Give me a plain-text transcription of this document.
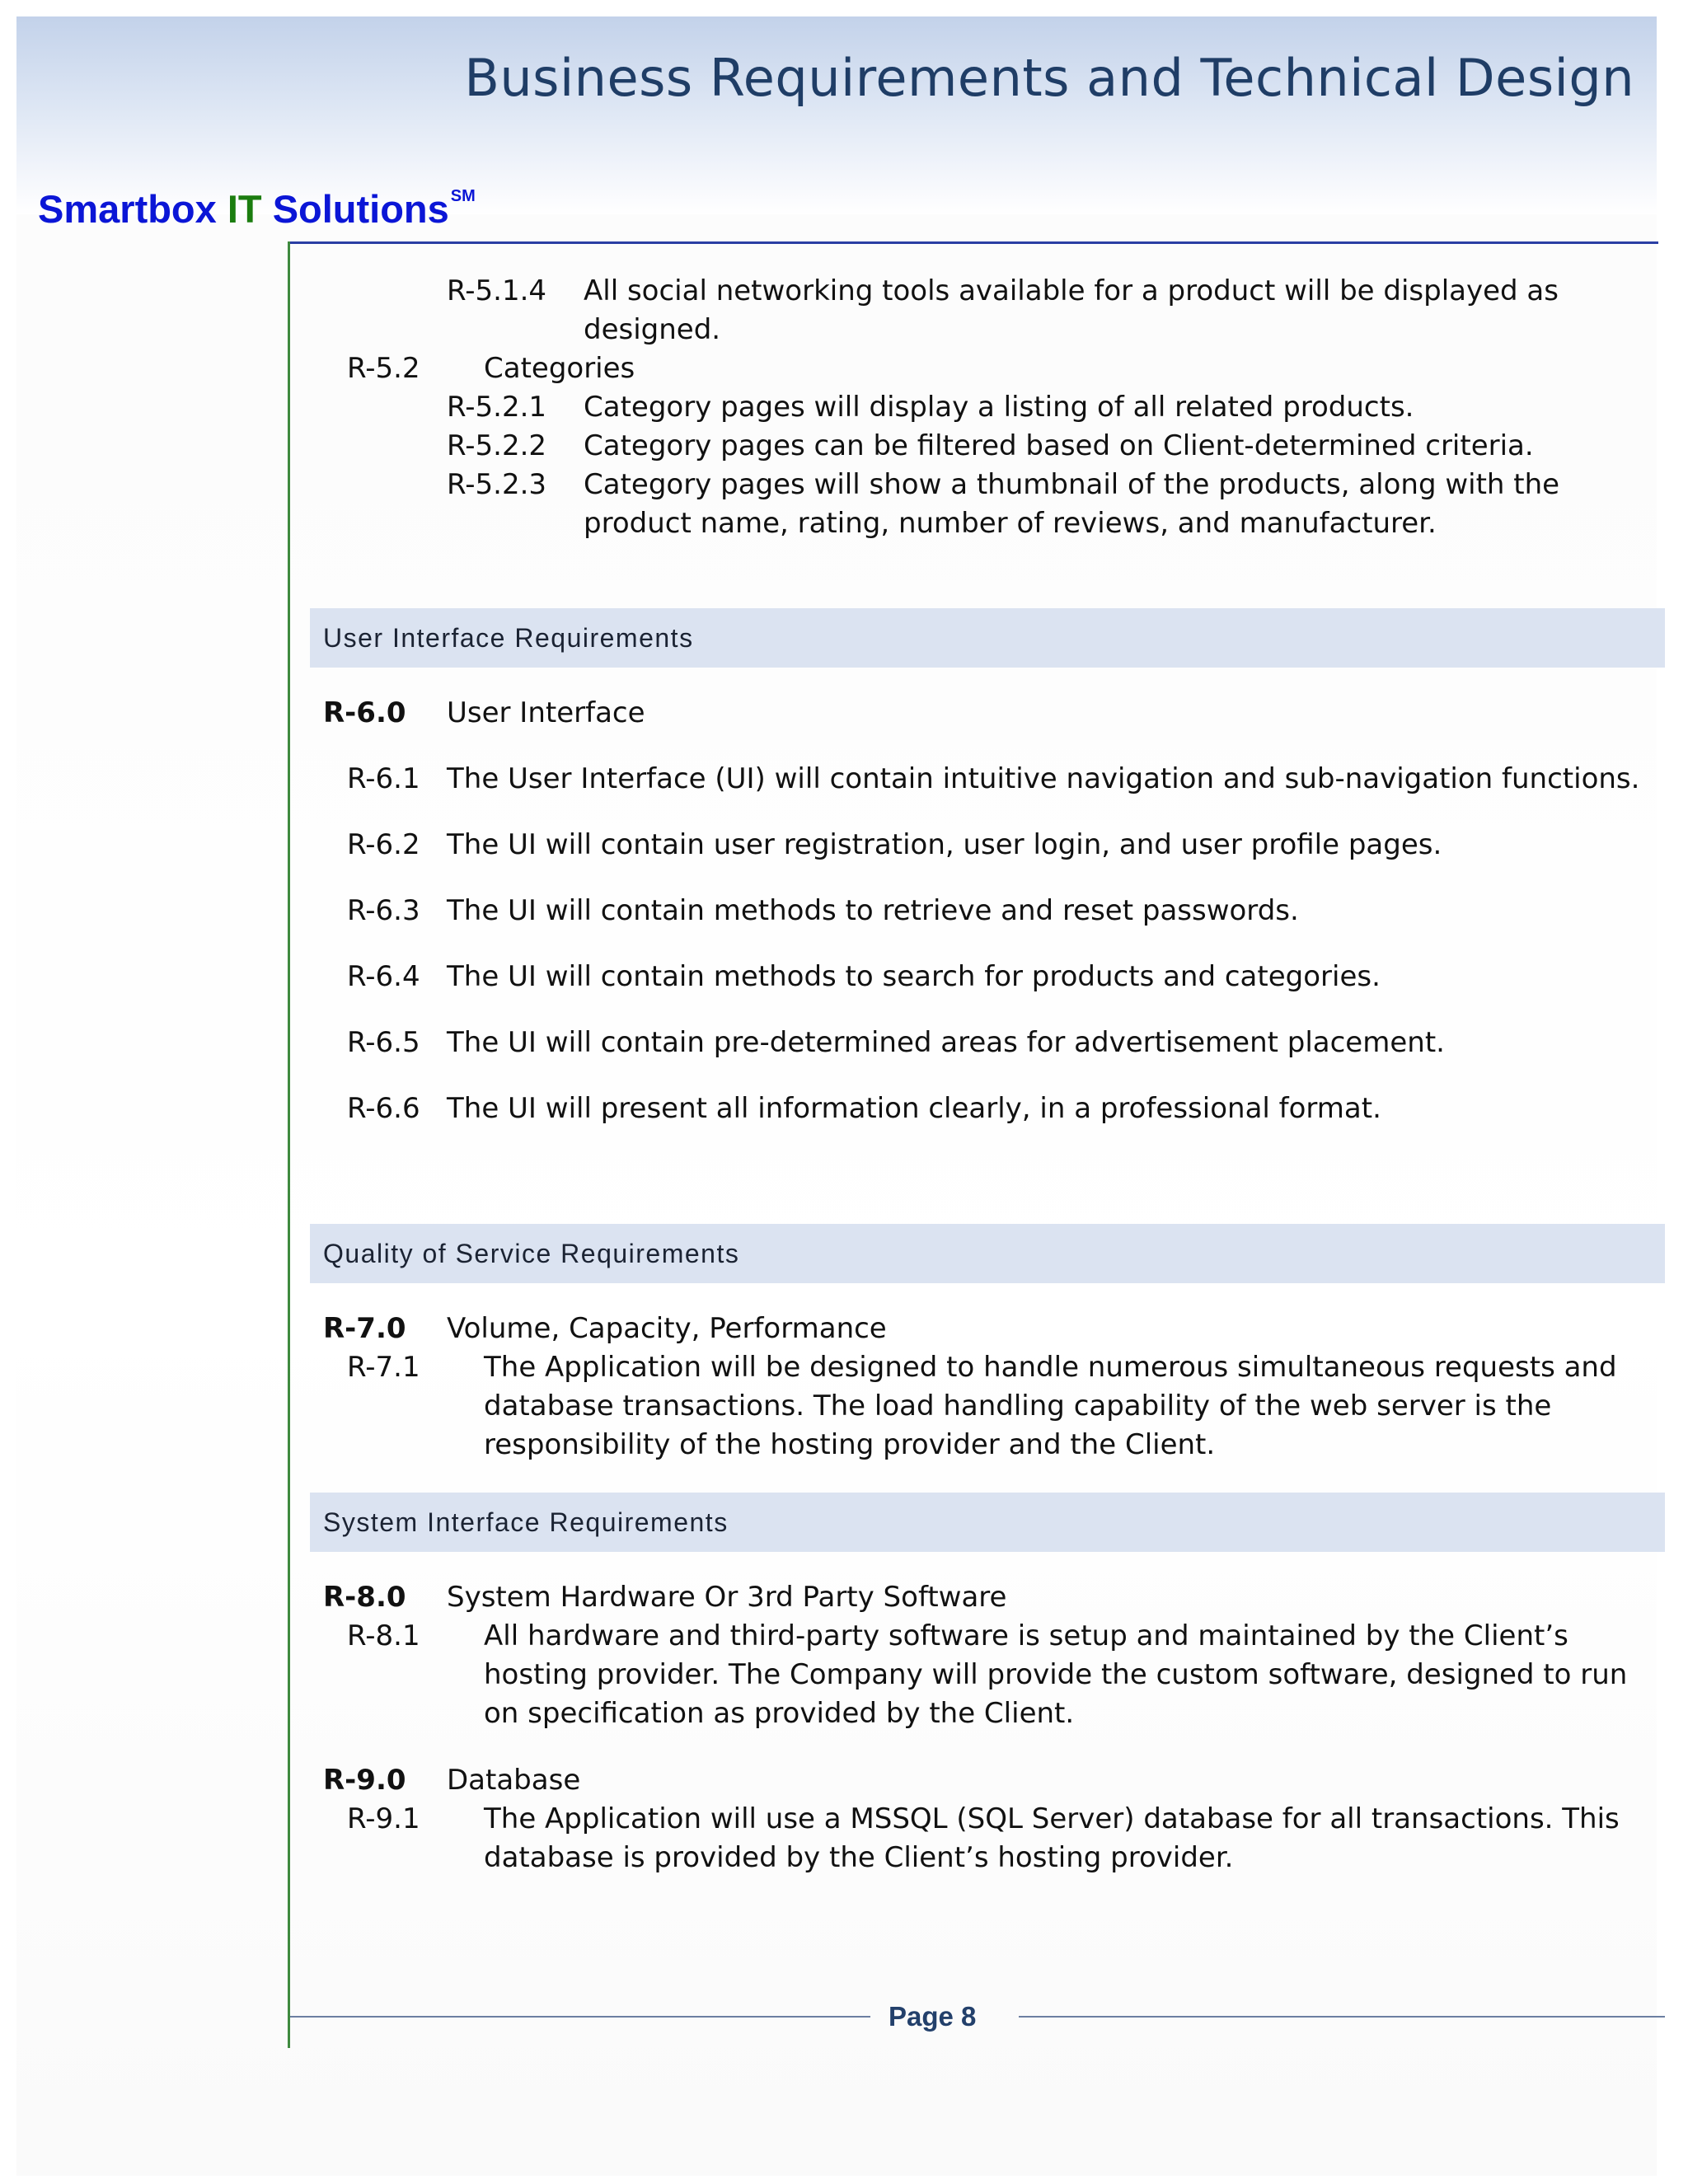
Business Requirements and Technical Design
Smartbox IT Solutions ℠
R-5.1.4 All social networking tools available for a product will be displayed as
designed.
R-5.2 Categories
R-5.2.1 Category pages will display a listing of all related products.
R-5.2.2 Category pages can be filtered based on Client-determined criteria.
R-5.2.3 Category pages will show a thumbnail of the products, along with the
product name, rating, number of reviews, and manufacturer.
User Interface Requirements
R-6.0 User Interface
R-6.1 The User Interface (UI) will contain intuitive navigation and sub-navigation functions.
R-6.2 The UI will contain user registration, user login, and user profile pages.
R-6.3 The UI will contain methods to retrieve and reset passwords.
R-6.4 The UI will contain methods to search for products and categories.
R-6.5 The UI will contain pre-determined areas for advertisement placement.
R-6.6 The UI will present all information clearly, in a professional format.
Quality of Service Requirements
R-7.0 Volume, Capacity, Performance
R-7.1 The Application will be designed to handle numerous simultaneous requests and
database transactions. The load handling capability of the web server is the
responsibility of the hosting provider and the Client.
System Interface Requirements
R-8.0 System Hardware Or 3rd Party Software
R-8.1 All hardware and third-party software is setup and maintained by the Client’s
hosting provider. The Company will provide the custom software, designed to run
on specification as provided by the Client.
R-9.0 Database
R-9.1 The Application will use a MSSQL (SQL Server) database for all transactions. This
database is provided by the Client’s hosting provider.
Page 8
